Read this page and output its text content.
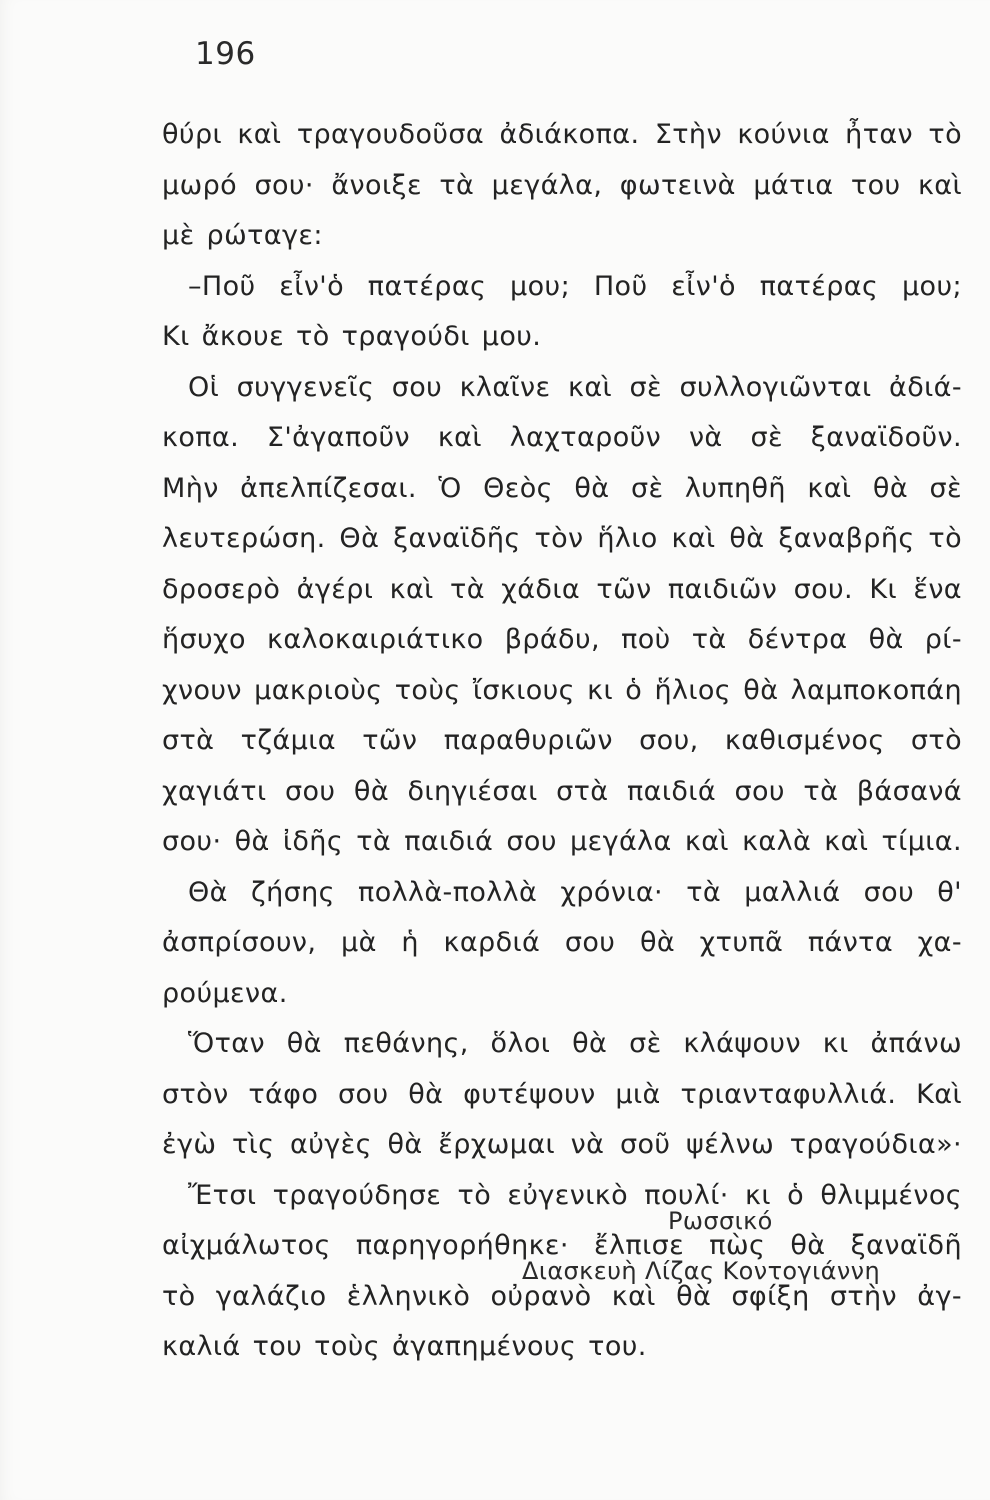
196
θύρι καὶ τραγουδοῦσα ἀδιάκοπα. Στὴν κούνια ἦταν τὸ
μωρό σου· ἄνοιξε τὰ μεγάλα, φωτεινὰ μάτια του καὶ
μὲ ρώταγε:
–Ποῦ εἶν'ὁ πατέρας μου; Ποῦ εἶν'ὁ πατέρας μου;
Κι ἄκουε τὸ τραγούδι μου.
Οἱ συγγενεῖς σου κλαῖνε καὶ σὲ συλλογιῶνται ἀδιά-
κοπα. Σ'ἀγαποῦν καὶ λαχταροῦν νὰ σὲ ξαναϊδοῦν.
Μὴν ἀπελπίζεσαι. Ὁ Θεὸς θὰ σὲ λυπηθῆ καὶ θὰ σὲ
λευτερώση. Θὰ ξαναϊδῆς τὸν ἥλιο καὶ θὰ ξαναβρῆς τὸ
δροσερὸ ἀγέρι καὶ τὰ χάδια τῶν παιδιῶν σου. Κι ἕνα
ἥσυχο καλοκαιριάτικο βράδυ, ποὺ τὰ δέντρα θὰ ρί-
χνουν μακριοὺς τοὺς ἴσκιους κι ὁ ἥλιος θὰ λαμποκοπάη
στὰ τζάμια τῶν παραθυριῶν σου, καθισμένος στὸ
χαγιάτι σου θὰ διηγιέσαι στὰ παιδιά σου τὰ βάσανά
σου· θὰ ἰδῆς τὰ παιδιά σου μεγάλα καὶ καλὰ καὶ τίμια.
Θὰ ζήσης πολλὰ-πολλὰ χρόνια· τὰ μαλλιά σου θ'
ἀσπρίσουν, μὰ ἡ καρδιά σου θὰ χτυπᾶ πάντα χα-
ρούμενα.
Ὅταν θὰ πεθάνης, ὅλοι θὰ σὲ κλάψουν κι ἀπάνω
στὸν τάφο σου θὰ φυτέψουν μιὰ τριανταφυλλιά. Καὶ
ἐγὼ τὶς αὐγὲς θὰ ἔρχωμαι νὰ σοῦ ψέλνω τραγούδια»·
Ἔτσι τραγούδησε τὸ εὐγενικὸ πουλί· κι ὁ θλιμμένος
αἰχμάλωτος παρηγορήθηκε· ἔλπισε πὼς θὰ ξαναϊδῆ
τὸ γαλάζιο ἑλληνικὸ οὐρανὸ καὶ θὰ σφίξη στὴν ἀγ-
καλιά του τοὺς ἀγαπημένους του.
Ρωσσικό
Διασκευὴ Λίζας Κοντογιάννη
